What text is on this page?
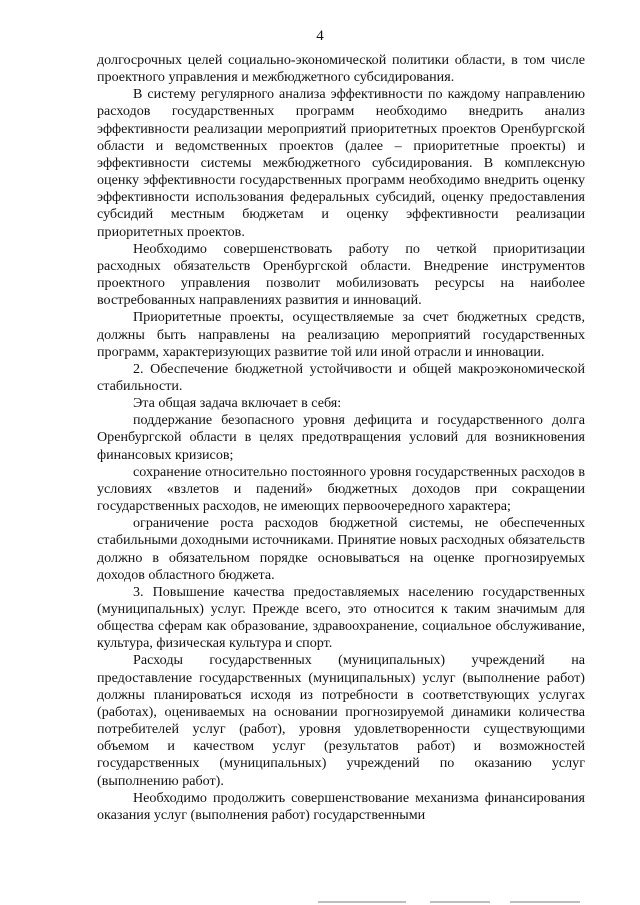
4

долгосрочных целей социально-экономической политики области, в том числе проектного управления и межбюджетного субсидирования.

В систему регулярного анализа эффективности по каждому направлению расходов государственных программ необходимо внедрить анализ эффективности реализации мероприятий приоритетных проектов Оренбургской области и ведомственных проектов (далее – приоритетные проекты) и эффективности системы межбюджетного субсидирования. В комплексную оценку эффективности государственных программ необходимо внедрить оценку эффективности использования федеральных субсидий, оценку предоставления субсидий местным бюджетам и оценку эффективности реализации приоритетных проектов.

Необходимо совершенствовать работу по четкой приоритизации расходных обязательств Оренбургской области. Внедрение инструментов проектного управления позволит мобилизовать ресурсы на наиболее востребованных направлениях развития и инноваций.

Приоритетные проекты, осуществляемые за счет бюджетных средств, должны быть направлены на реализацию мероприятий государственных программ, характеризующих развитие той или иной отрасли и инновации.

2. Обеспечение бюджетной устойчивости и общей макроэкономической стабильности.

Эта общая задача включает в себя:

поддержание безопасного уровня дефицита и государственного долга Оренбургской области в целях предотвращения условий для возникновения финансовых кризисов;

сохранение относительно постоянного уровня государственных расходов в условиях «взлетов и падений» бюджетных доходов при сокращении государственных расходов, не имеющих первоочередного характера;

ограничение роста расходов бюджетной системы, не обеспеченных стабильными доходными источниками. Принятие новых расходных обязательств должно в обязательном порядке основываться на оценке прогнозируемых доходов областного бюджета.

3. Повышение качества предоставляемых населению государственных (муниципальных) услуг. Прежде всего, это относится к таким значимым для общества сферам как образование, здравоохранение, социальное обслуживание, культура, физическая культура и спорт.

Расходы государственных (муниципальных) учреждений на предоставление государственных (муниципальных) услуг (выполнение работ) должны планироваться исходя из потребности в соответствующих услугах (работах), оцениваемых на основании прогнозируемой динамики количества потребителей услуг (работ), уровня удовлетворенности существующими объемом и качеством услуг (результатов работ) и возможностей государственных (муниципальных) учреждений по оказанию услуг (выполнению работ).

Необходимо продолжить совершенствование механизма финансирования оказания услуг (выполнения работ) государственными
